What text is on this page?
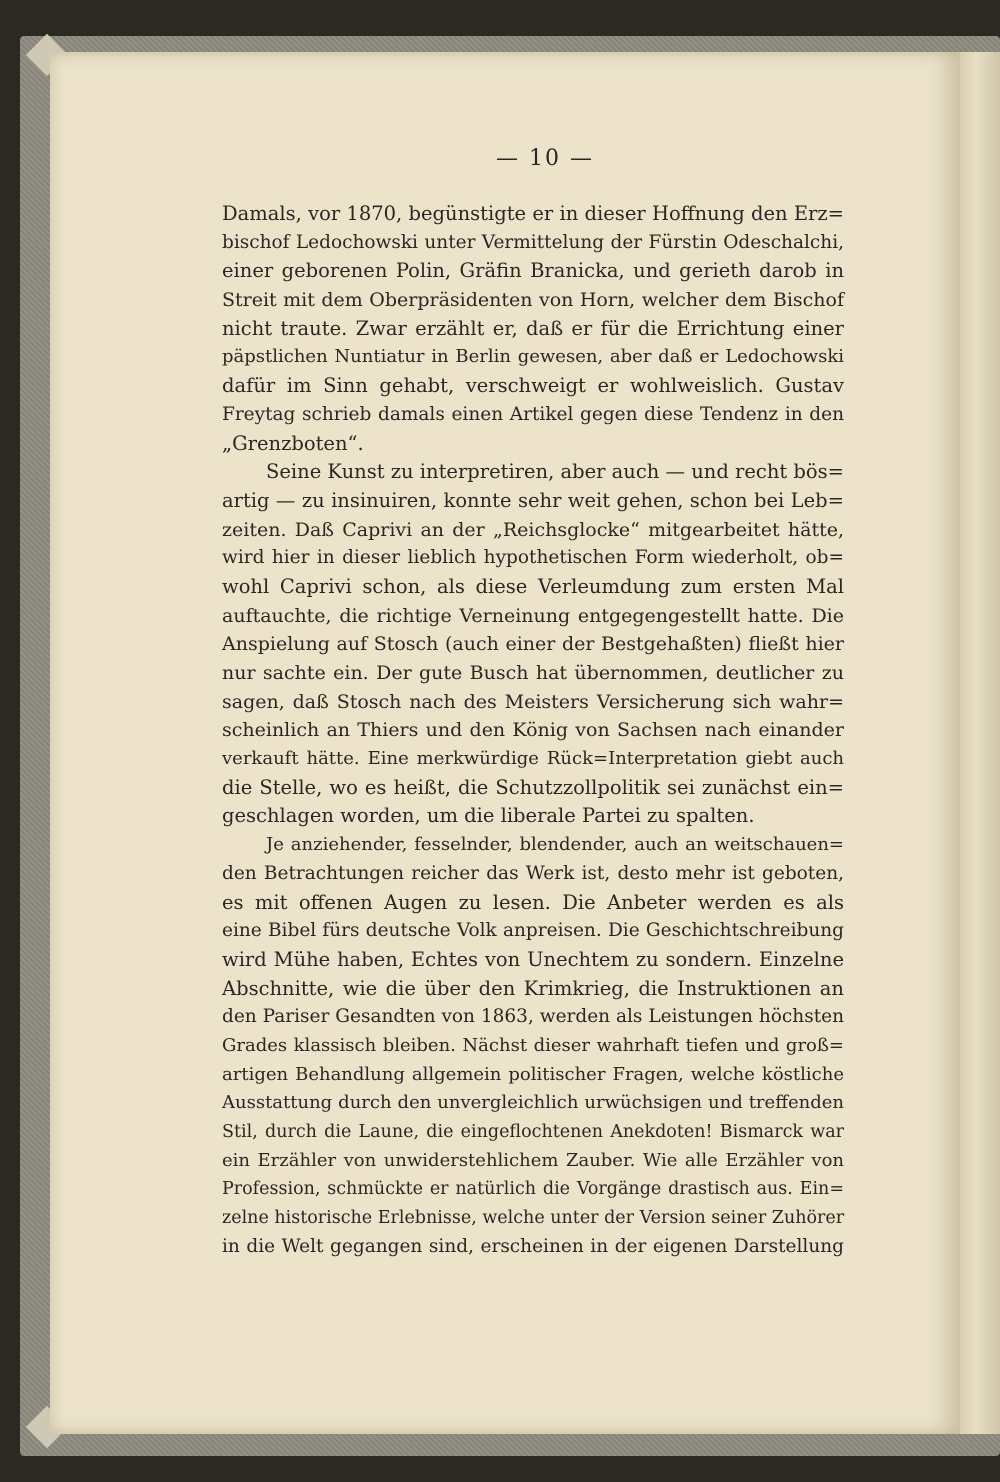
— 10 —
Damals, vor 1870, begünstigte er in dieser Hoffnung den Erz=
bischof Ledochowski unter Vermittelung der Fürstin Odeschalchi,
einer geborenen Polin, Gräfin Branicka, und gerieth darob in
Streit mit dem Oberpräsidenten von Horn, welcher dem Bischof
nicht traute. Zwar erzählt er, daß er für die Errichtung einer
päpstlichen Nuntiatur in Berlin gewesen, aber daß er Ledochowski
dafür im Sinn gehabt, verschweigt er wohlweislich. Gustav
Freytag schrieb damals einen Artikel gegen diese Tendenz in den
„Grenzboten“.
Seine Kunst zu interpretiren, aber auch — und recht bös=
artig — zu insinuiren, konnte sehr weit gehen, schon bei Leb=
zeiten. Daß Caprivi an der „Reichsglocke“ mitgearbeitet hätte,
wird hier in dieser lieblich hypothetischen Form wiederholt, ob=
wohl Caprivi schon, als diese Verleumdung zum ersten Mal
auftauchte, die richtige Verneinung entgegengestellt hatte. Die
Anspielung auf Stosch (auch einer der Bestgehaßten) fließt hier
nur sachte ein. Der gute Busch hat übernommen, deutlicher zu
sagen, daß Stosch nach des Meisters Versicherung sich wahr=
scheinlich an Thiers und den König von Sachsen nach einander
verkauft hätte. Eine merkwürdige Rück=Interpretation giebt auch
die Stelle, wo es heißt, die Schutzzollpolitik sei zunächst ein=
geschlagen worden, um die liberale Partei zu spalten.
Je anziehender, fesselnder, blendender, auch an weitschauen=
den Betrachtungen reicher das Werk ist, desto mehr ist geboten,
es mit offenen Augen zu lesen. Die Anbeter werden es als
eine Bibel fürs deutsche Volk anpreisen. Die Geschichtschreibung
wird Mühe haben, Echtes von Unechtem zu sondern. Einzelne
Abschnitte, wie die über den Krimkrieg, die Instruktionen an
den Pariser Gesandten von 1863, werden als Leistungen höchsten
Grades klassisch bleiben. Nächst dieser wahrhaft tiefen und groß=
artigen Behandlung allgemein politischer Fragen, welche köstliche
Ausstattung durch den unvergleichlich urwüchsigen und treffenden
Stil, durch die Laune, die eingeflochtenen Anekdoten! Bismarck war
ein Erzähler von unwiderstehlichem Zauber. Wie alle Erzähler von
Profession, schmückte er natürlich die Vorgänge drastisch aus. Ein=
zelne historische Erlebnisse, welche unter der Version seiner Zuhörer
in die Welt gegangen sind, erscheinen in der eigenen Darstellung
